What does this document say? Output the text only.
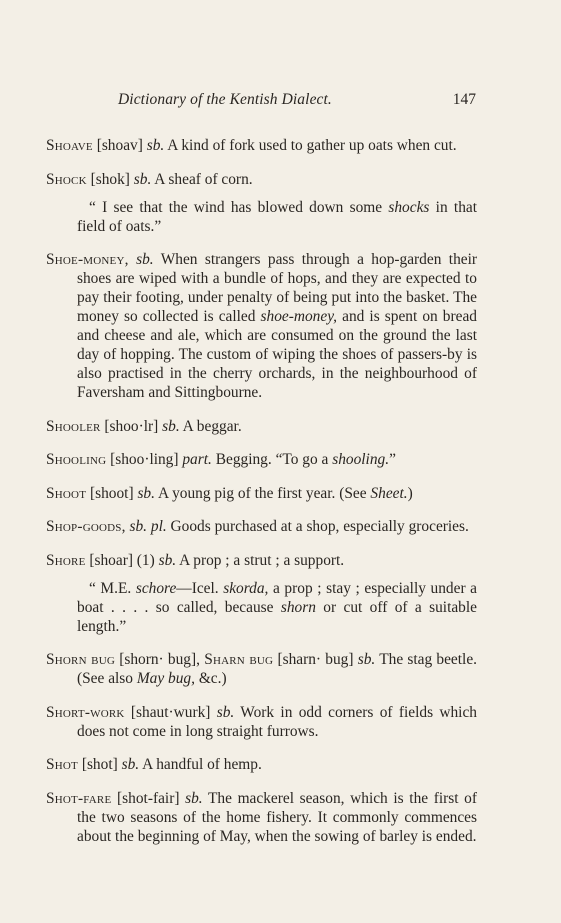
Dictionary of the Kentish Dialect.	147

Shoave [shoav] sb. A kind of fork used to gather up oats when cut.

Shock [shok] sb. A sheaf of corn.

“ I see that the wind has blowed down some shocks in that field of oats.”

Shoe-money, sb. When strangers pass through a hop-garden their shoes are wiped with a bundle of hops, and they are expected to pay their footing, under penalty of being put into the basket. The money so collected is called shoe-money, and is spent on bread and cheese and ale, which are consumed on the ground the last day of hopping. The custom of wiping the shoes of passers-by is also practised in the cherry orchards, in the neighbourhood of Faversham and Sittingbourne.

Shooler [shoo·lr] sb. A beggar.

Shooling [shoo·ling] part. Begging. “To go a shooling.”

Shoot [shoot] sb. A young pig of the first year. (See Sheet.)

Shop-goods, sb. pl. Goods purchased at a shop, especially groceries.

Shore [shoar] (1) sb. A prop ; a strut ; a support.

“ M.E. schore—Icel. skorda, a prop ; stay ; especially under a boat . . . . so called, because shorn or cut off of a suitable length.”

Shorn bug [shorn· bug], Sharn bug [sharn· bug] sb. The stag beetle. (See also May bug, &c.)

Short-work [shaut·wurk] sb. Work in odd corners of fields which does not come in long straight furrows.

Shot [shot] sb. A handful of hemp.

Shot-fare [shot-fair] sb. The mackerel season, which is the first of the two seasons of the home fishery. It commonly commences about the beginning of May, when the sowing of barley is ended.
